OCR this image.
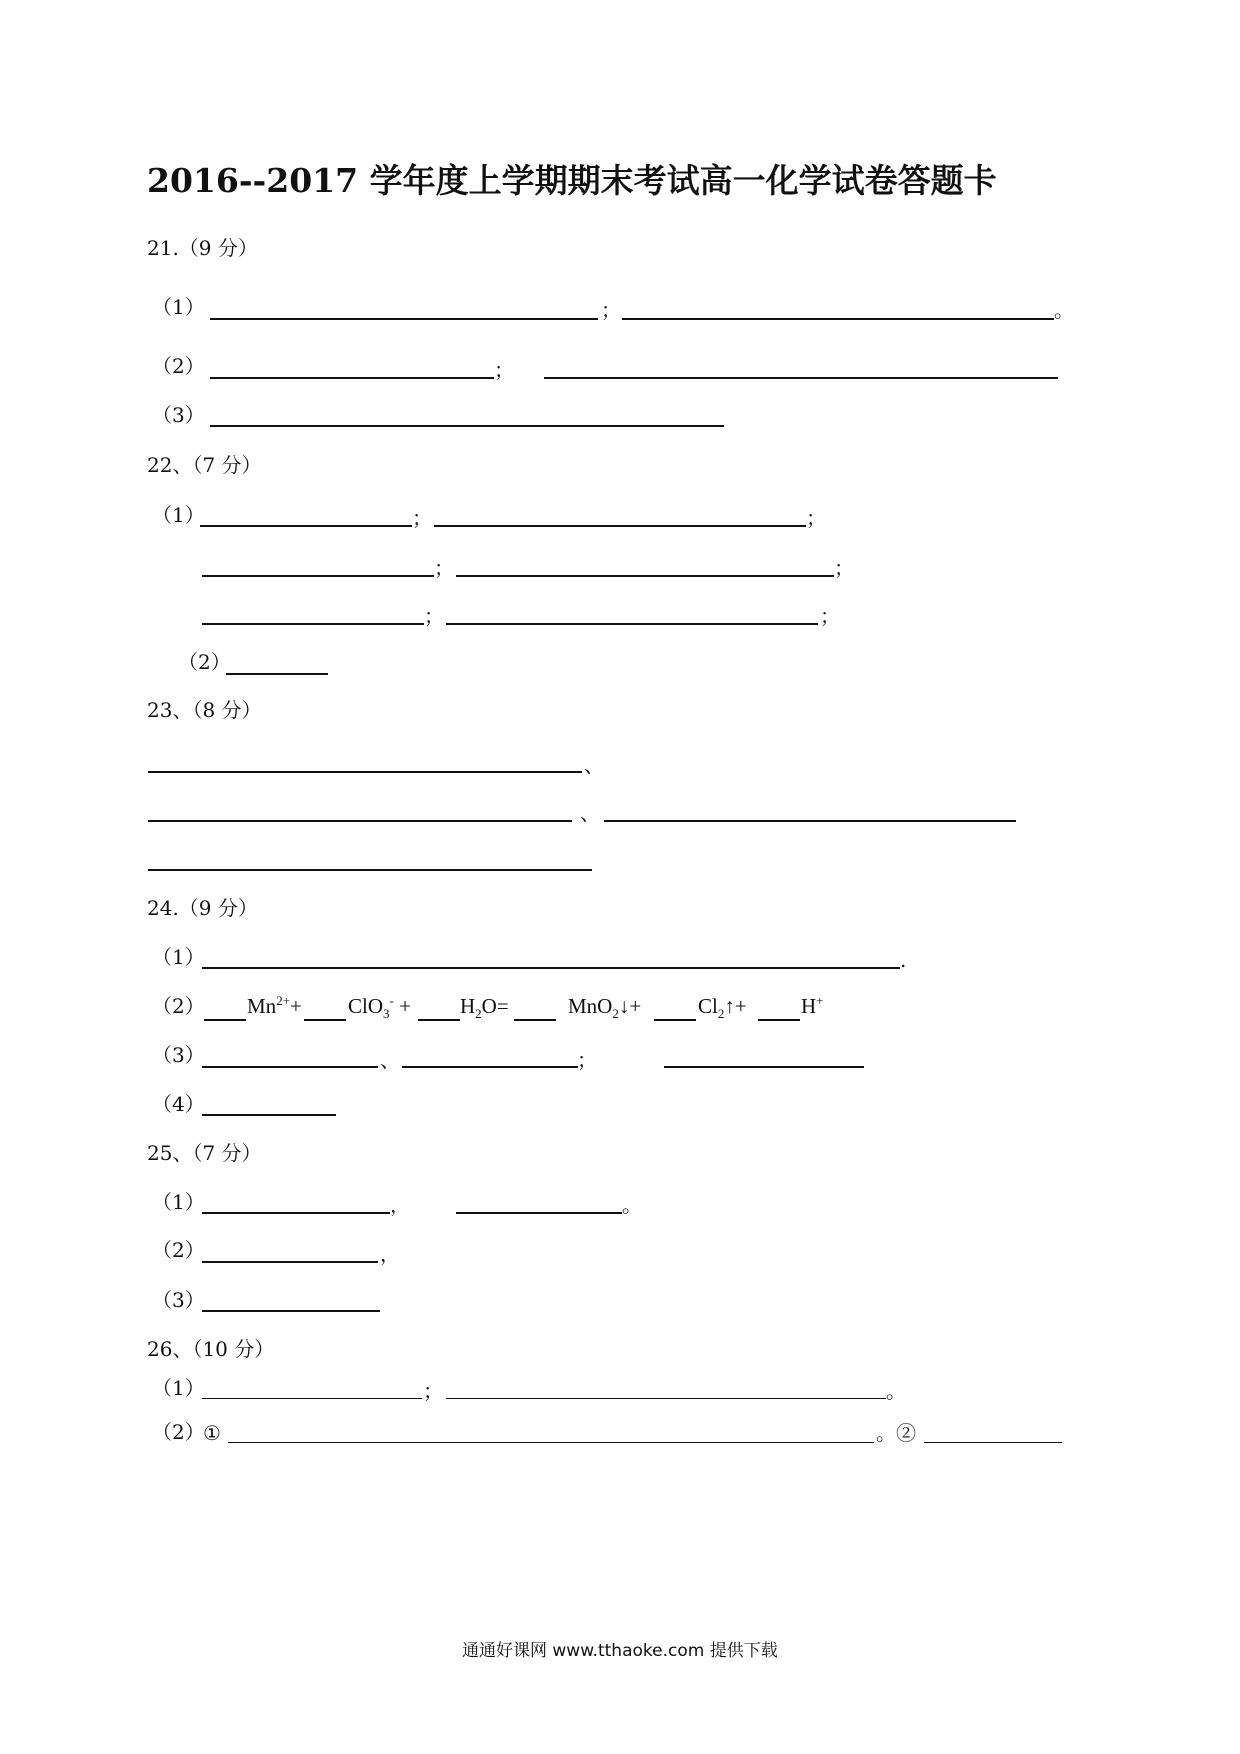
2016--2017 学年度上学期期末考试高一化学试卷答题卡
21.（9 分）
（1）	；	。
（2）	；
（3）
22、（7 分）
（1）	；	；
；	；
；	；
（2）
23、（8 分）
、
、
24.（9 分）
（1）	.
（2） $Mn^{2+}+ ClO_3^- + H_2O=$	MnO$_2$↓+	$Cl_2↑+$	H+
（3）	、	；
（4）
25、（7 分）
（1）	，	。
（2）	，
（3）
26、（10 分）
（1）	；	。
（2）
①	。②
通通好课网 www.tthaoke.com 提供下载
